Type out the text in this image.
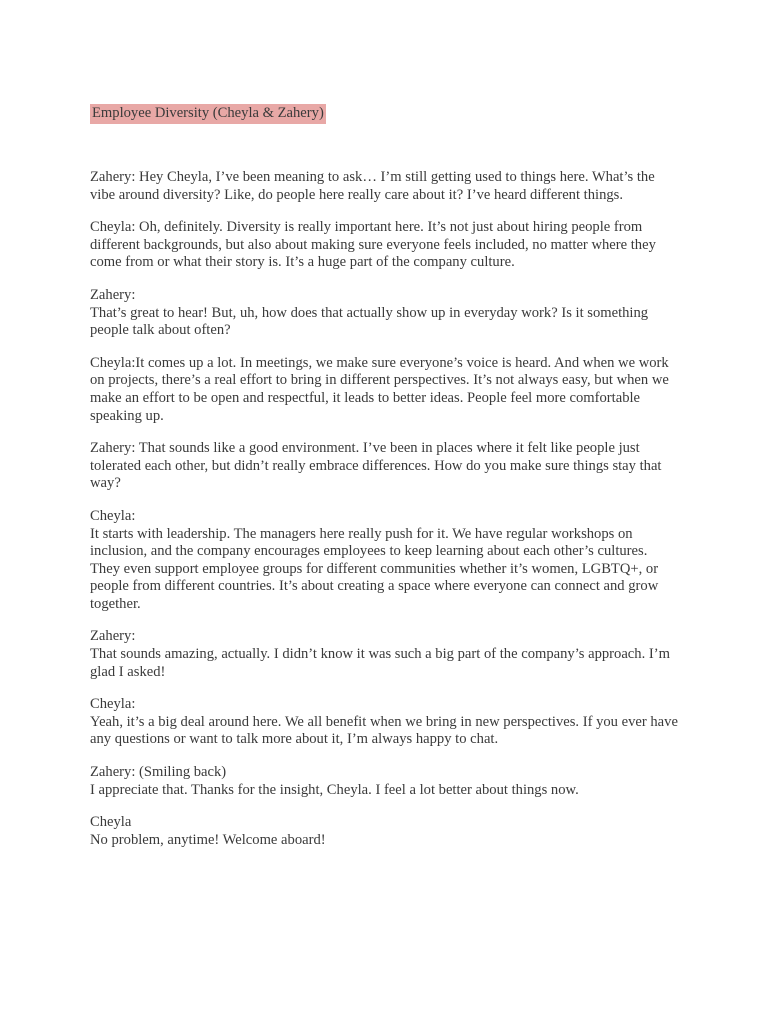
Employee Diversity (Cheyla & Zahery)

Zahery: Hey Cheyla, I’ve been meaning to ask… I’m still getting used to things here. What’s the vibe around diversity? Like, do people here really care about it? I’ve heard different things.

Cheyla: Oh, definitely. Diversity is really important here. It’s not just about hiring people from different backgrounds, but also about making sure everyone feels included, no matter where they come from or what their story is. It’s a huge part of the company culture.

Zahery:

That’s great to hear! But, uh, how does that actually show up in everyday work? Is it something people talk about often?

Cheyla:It comes up a lot. In meetings, we make sure everyone’s voice is heard. And when we work on projects, there’s a real effort to bring in different perspectives. It’s not always easy, but when we make an effort to be open and respectful, it leads to better ideas. People feel more comfortable speaking up.

Zahery: That sounds like a good environment. I’ve been in places where it felt like people just tolerated each other, but didn’t really embrace differences. How do you make sure things stay that way?

Cheyla:

It starts with leadership. The managers here really push for it. We have regular workshops on inclusion, and the company encourages employees to keep learning about each other’s cultures. They even support employee groups for different communities whether it’s women, LGBTQ+, or people from different countries. It’s about creating a space where everyone can connect and grow together.

Zahery:

That sounds amazing, actually. I didn’t know it was such a big part of the company’s approach. I’m glad I asked!

Cheyla:

Yeah, it’s a big deal around here. We all benefit when we bring in new perspectives. If you ever have any questions or want to talk more about it, I’m always happy to chat.

Zahery: (Smiling back)

I appreciate that. Thanks for the insight, Cheyla. I feel a lot better about things now.

Cheyla

No problem, anytime! Welcome aboard!
